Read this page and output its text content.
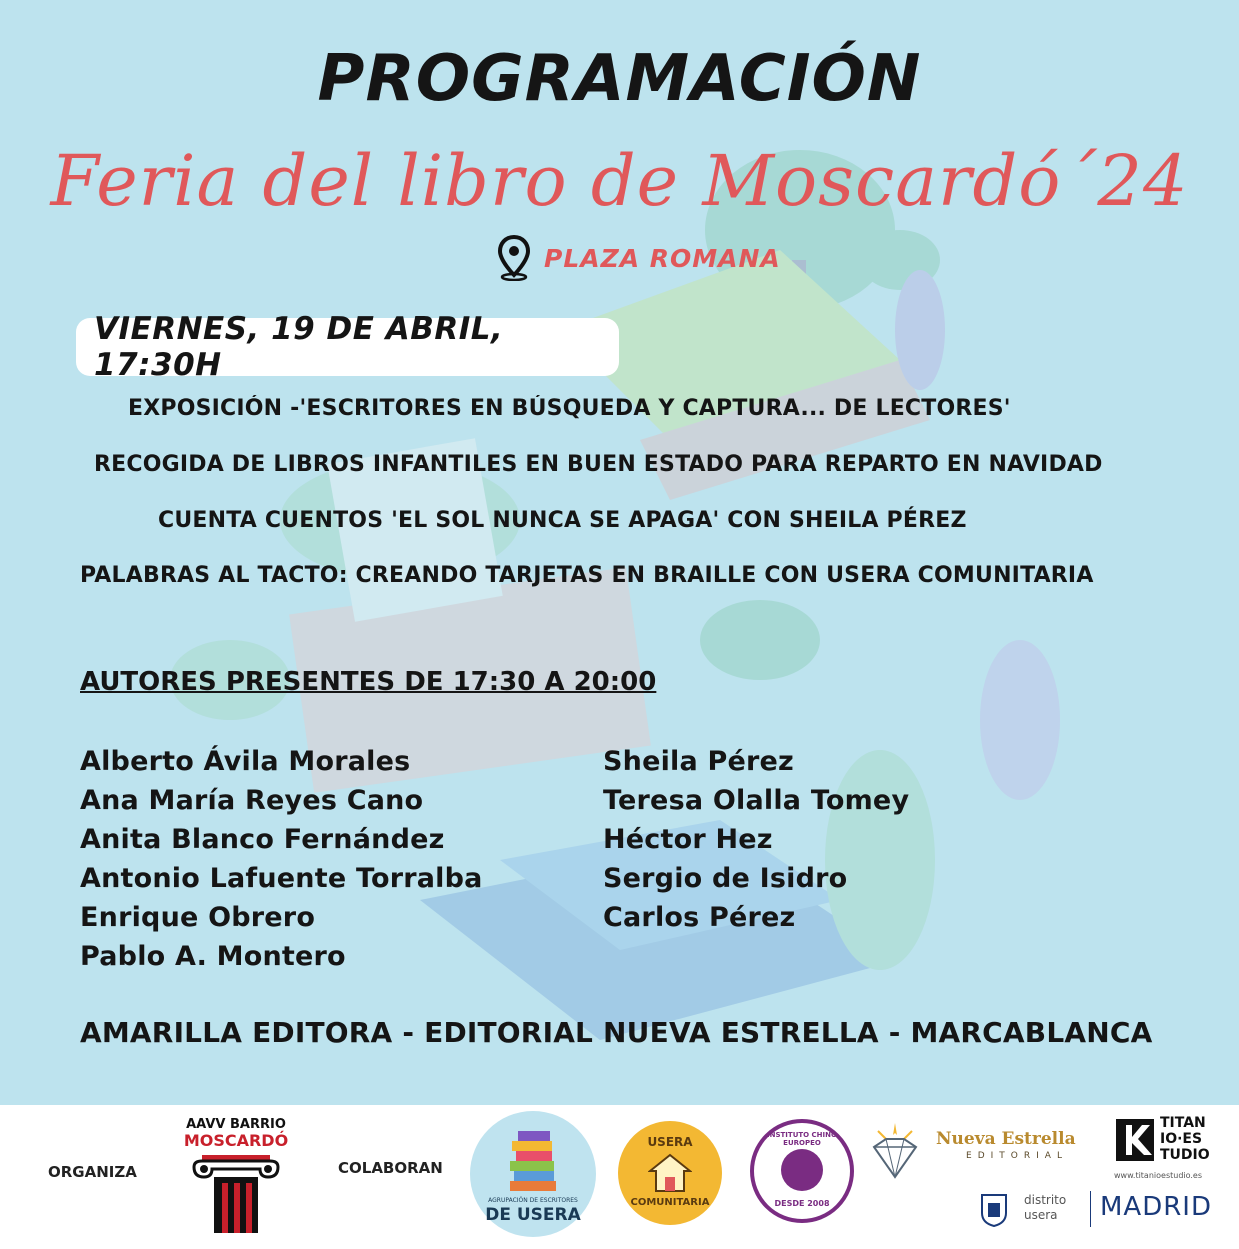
PROGRAMACIÓN
Feria del libro de Moscardó´24
PLAZA ROMANA
VIERNES, 19 DE ABRIL, 17:30H
EXPOSICIÓN -'ESCRITORES EN BÚSQUEDA Y CAPTURA... DE LECTORES'
RECOGIDA DE LIBROS INFANTILES EN BUEN ESTADO PARA REPARTO EN NAVIDAD
CUENTA CUENTOS 'EL SOL NUNCA SE APAGA' CON SHEILA PÉREZ
PALABRAS AL TACTO: CREANDO TARJETAS EN BRAILLE CON USERA COMUNITARIA
AUTORES PRESENTES DE 17:30 A 20:00
Alberto Ávila Morales
Ana María Reyes Cano
Anita Blanco Fernández
Antonio Lafuente Torralba
Enrique Obrero
Pablo A. Montero
Sheila Pérez
Teresa Olalla Tomey
Héctor Hez
Sergio de Isidro
Carlos Pérez
AMARILLA EDITORA - EDITORIAL NUEVA ESTRELLA - MARCABLANCA
ORGANIZA
AAVV BARRIO
MOSCARDÓ
COLABORAN
AGRUPACIÓN DE ESCRITORES
DE USERA
USERA
COMUNITARIA
INSTITUTO CHINO EUROPEO
DESDE 2008
Nueva Estrella
EDITORIAL
TITAN IO·ES TUDIO
www.titanioestudio.es
distrito usera	MADRID
